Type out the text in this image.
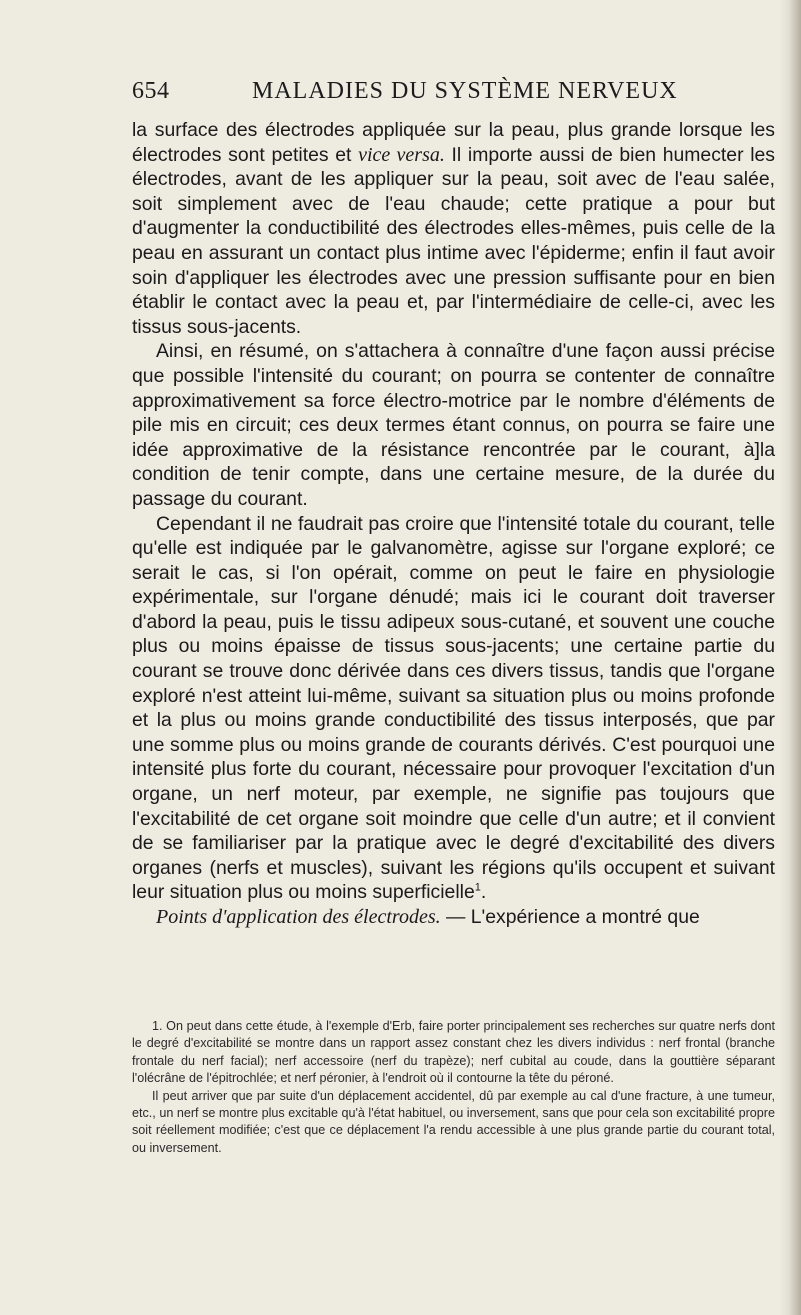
654	MALADIES DU SYSTÈME NERVEUX

la surface des électrodes appliquée sur la peau, plus grande lorsque les électrodes sont petites et vice versa. Il importe aussi de bien humecter les électrodes, avant de les appliquer sur la peau, soit avec de l'eau salée, soit simplement avec de l'eau chaude; cette pratique a pour but d'augmenter la conductibilité des électrodes elles-mêmes, puis celle de la peau en assurant un contact plus intime avec l'épiderme; enfin il faut avoir soin d'appliquer les électrodes avec une pression suffisante pour en bien établir le contact avec la peau et, par l'intermédiaire de celle-ci, avec les tissus sous-jacents.

Ainsi, en résumé, on s'attachera à connaître d'une façon aussi précise que possible l'intensité du courant; on pourra se contenter de connaître approximativement sa force électro-motrice par le nombre d'éléments de pile mis en circuit; ces deux termes étant connus, on pourra se faire une idée approximative de la résistance rencontrée par le courant, à]la condition de tenir compte, dans une certaine mesure, de la durée du passage du courant.

Cependant il ne faudrait pas croire que l'intensité totale du courant, telle qu'elle est indiquée par le galvanomètre, agisse sur l'organe exploré; ce serait le cas, si l'on opérait, comme on peut le faire en physiologie expérimentale, sur l'organe dénudé; mais ici le courant doit traverser d'abord la peau, puis le tissu adipeux sous-cutané, et souvent une couche plus ou moins épaisse de tissus sous-jacents; une certaine partie du courant se trouve donc dérivée dans ces divers tissus, tandis que l'organe exploré n'est atteint lui-même, suivant sa situation plus ou moins profonde et la plus ou moins grande conductibilité des tissus interposés, que par une somme plus ou moins grande de courants dérivés. C'est pourquoi une intensité plus forte du courant, nécessaire pour provoquer l'excitation d'un organe, un nerf moteur, par exemple, ne signifie pas toujours que l'excitabilité de cet organe soit moindre que celle d'un autre; et il convient de se familiariser par la pratique avec le degré d'excitabilité des divers organes (nerfs et muscles), suivant les régions qu'ils occupent et suivant leur situation plus ou moins superficielle$^1$.

Points d'application des électrodes. — L'expérience a montré que

1. On peut dans cette étude, à l'exemple d'Erb, faire porter principalement ses recherches sur quatre nerfs dont le degré d'excitabilité se montre dans un rapport assez constant chez les divers individus : nerf frontal (branche frontale du nerf facial); nerf accessoire (nerf du trapèze); nerf cubital au coude, dans la gouttière séparant l'olécrâne de l'épitrochlée; et nerf péronier, à l'endroit où il contourne la tête du péroné.

Il peut arriver que par suite d'un déplacement accidentel, dû par exemple au cal d'une fracture, à une tumeur, etc., un nerf se montre plus excitable qu'à l'état habituel, ou inversement, sans que pour cela son excitabilité propre soit réellement modifiée; c'est que ce déplacement l'a rendu accessible à une plus grande partie du courant total, ou inversement.
